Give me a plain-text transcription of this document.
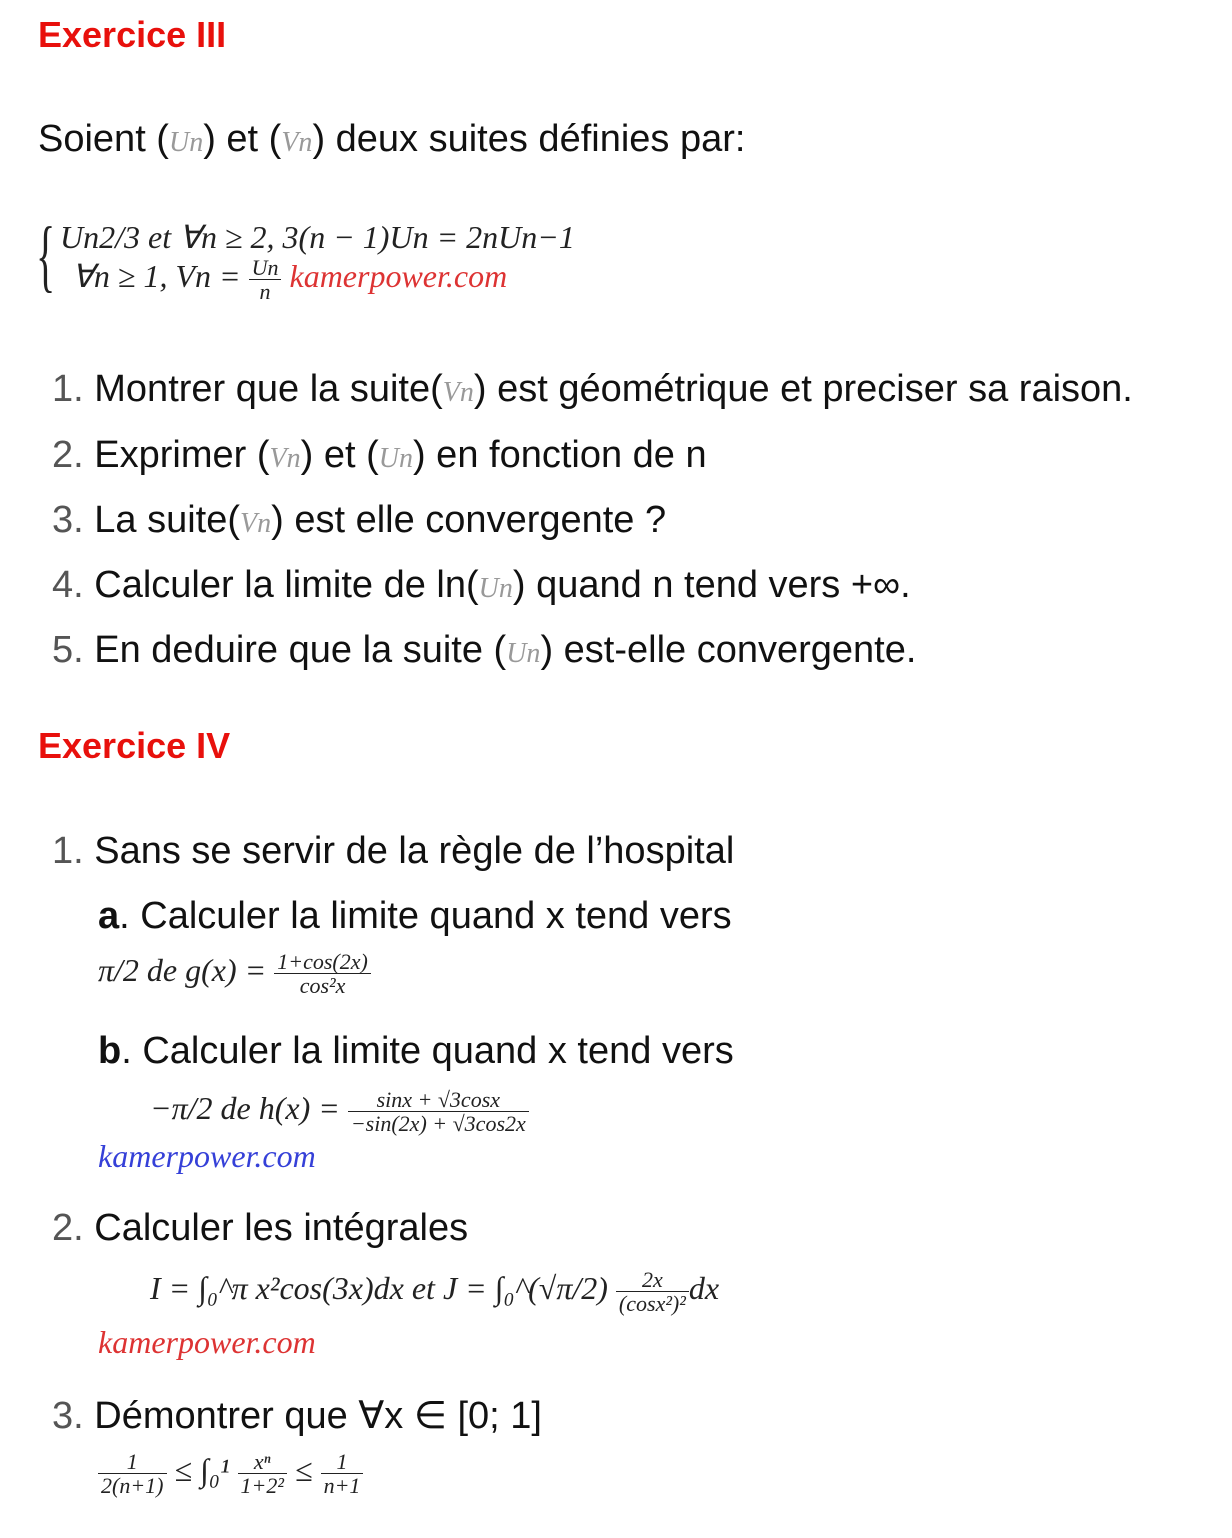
Exercice III
Soient (Un) et (Vn) deux suites définies par:
{ Un2/3 et ∀n ≥ 2, 3(n − 1)Un = 2nUn−1
∀n ≥ 1, $Vn = \frac{Un}{n}$ kamerpower.com
1. Montrer que la suite(Vn) est géométrique et preciser sa raison.
2. Exprimer (Vn) et (Un) en fonction de n
3. La suite(Vn) est elle convergente ?
4. Calculer la limite de ln(Un) quand n tend vers +∞.
5. En deduire que la suite (Un) est-elle convergente.
Exercice IV
1. Sans se servir de la règle de l’hospital
a. Calculer la limite quand x tend vers
π/2 de $g(x) = \frac{1+\cos(2x)}{\text{cos²x}}$
b. Calculer la limite quand x tend vers
−π/2 de $h(x) = \frac{\sin x + √3\cos x}{-\sin(2x) + √3\cos 2x}$
kamerpower.com
2. Calculer les intégrales
I = ∫₀^π x²cos(3x)dx et J = ∫₀^(√π/2) $\frac{2x}{\text{(cosx²)²}}$ dx
kamerpower.com
3. Démontrer que ∀x ∈ [0; 1]
$\frac{1}{2(n+1)} \le \int_0^1 \frac{\text{xⁿ}}{\text{1+2²}} \le \frac{1}{n+1}$
